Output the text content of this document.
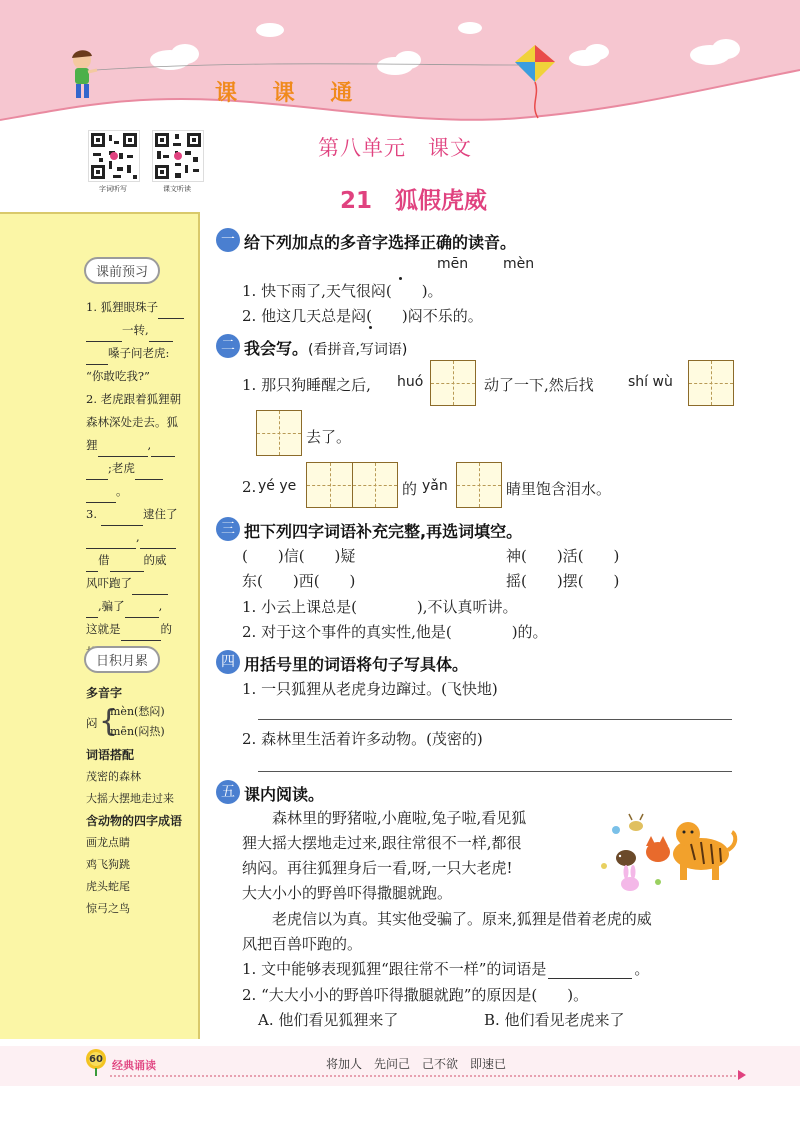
课 课 通
字词听写	课文听读
第八单元　课文
21　狐假虎威
课前预习
1. 狐狸眼珠子
一转,
嗓子问老虎:
“你敢吃我?”
2. 老虎跟着狐狸朝
森林深处走去。狐
狸	,
;老虎
。
3.	逮住了
,
借	的威
风吓跑了
,骗了	,
这就是	的
日积月累
多音字
闷 {
mèn(愁闷)
mēn(闷热)
词语搭配
茂密的森林
大摇大摆地走过来
含动物的四字成语
画龙点睛
鸡飞狗跳
虎头蛇尾
惊弓之鸟
一 给下列加点的多音字选择正确的读音。
mēn mèn
1. 快下雨了,天气很闷(　　)。
2. 他这几天总是闷(　　)闷不乐的。
二 我会写。(看拼音,写词语)
1. 那只狗睡醒之后, huó	动了一下,然后找 shí wù
去了。
2. yé ye	的 yǎn	睛里饱含泪水。
三 把下列四字词语补充完整,再选词填空。
(　　)信(　　)疑	神(　　)活(　　)
东(　　)西(　　)	摇(　　)摆(　　)
1. 小云上课总是(　　　　),不认真听讲。
2. 对于这个事件的真实性,他是(　　　　)的。
四 用括号里的词语将句子写具体。
1. 一只狐狸从老虎身边蹿过。(飞快地)
2. 森林里生活着许多动物。(茂密的)
五 课内阅读。
森林里的野猪啦,小鹿啦,兔子啦,看见狐
狸大摇大摆地走过来,跟往常很不一样,都很
纳闷。再往狐狸身后一看,呀,一只大老虎!
大大小小的野兽吓得撒腿就跑。
老虎信以为真。其实他受骗了。原来,狐狸是借着老虎的威
风把百兽吓跑的。
1. 文中能够表现狐狸“跟往常不一样”的词语是	。
2. “大大小小的野兽吓得撒腿就跑”的原因是(　　)。
A. 他们看见狐狸来了	B. 他们看见老虎来了
60 经典诵读	将加人　先问己　己不欲　即速已
